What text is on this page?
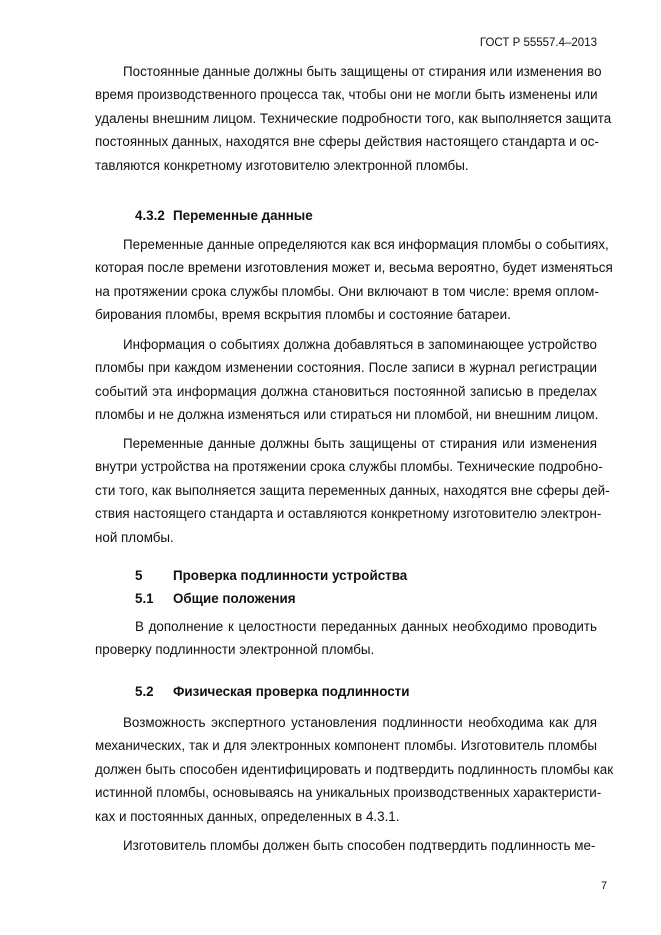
ГОСТ Р 55557.4–2013
4.3.2 Переменные данные
5 Проверка подлинности устройства
5.1 Общие положения
5.2 Физическая проверка подлинности
Постоянные данные должны быть защищены от стирания или изменения во
время производственного процесса так, чтобы они не могли быть изменены или
удалены внешним лицом. Технические подробности того, как выполняется защита
постоянных данных, находятся вне сферы действия настоящего стандарта и ос-
тавляются конкретному изготовителю электронной пломбы.
Переменные данные определяются как вся информация пломбы о событиях,
которая после времени изготовления может и, весьма вероятно, будет изменяться
на протяжении срока службы пломбы. Они включают в том числе: время оплом-
бирования пломбы, время вскрытия пломбы и состояние батареи.
Информация о событиях должна добавляться в запоминающее устройство
пломбы при каждом изменении состояния. После записи в журнал регистрации
событий эта информация должна становиться постоянной записью в пределах
пломбы и не должна изменяться или стираться ни пломбой, ни внешним лицом.
Переменные данные должны быть защищены от стирания или изменения
внутри устройства на протяжении срока службы пломбы. Технические подробно-
сти того, как выполняется защита переменных данных, находятся вне сферы дей-
ствия настоящего стандарта и оставляются конкретному изготовителю электрон-
ной пломбы.
В дополнение к целостности переданных данных необходимо проводить
проверку подлинности электронной пломбы.
Возможность экспертного установления подлинности необходима как для
механических, так и для электронных компонент пломбы. Изготовитель пломбы
должен быть способен идентифицировать и подтвердить подлинность пломбы как
истинной пломбы, основываясь на уникальных производственных характеристи-
ках и постоянных данных, определенных в 4.3.1.
Изготовитель пломбы должен быть способен подтвердить подлинность ме-
7
